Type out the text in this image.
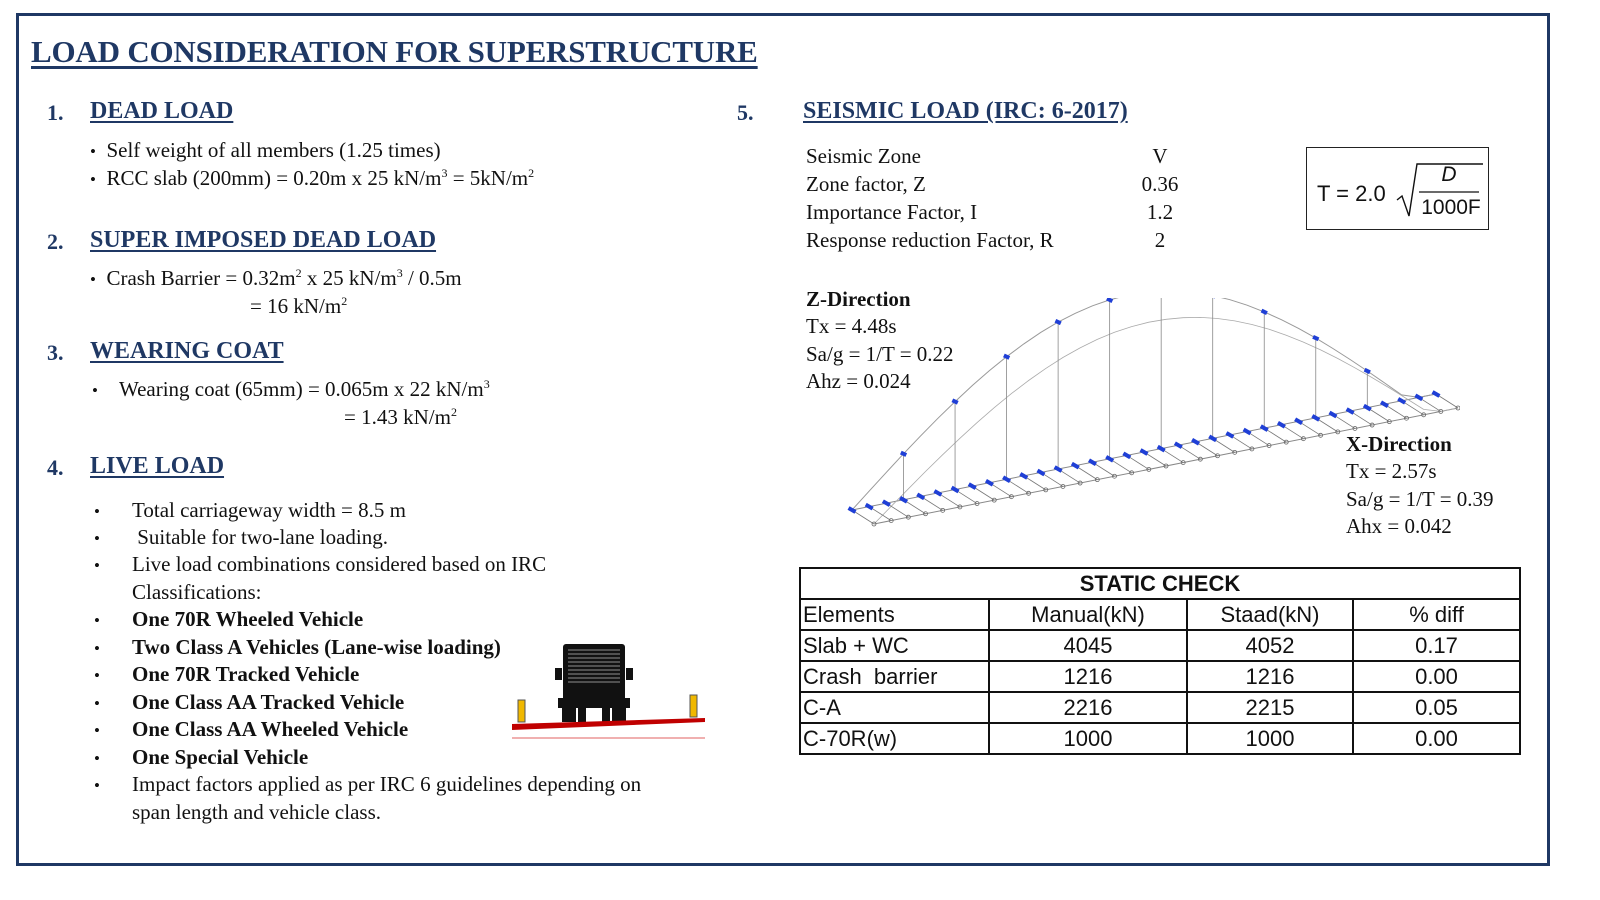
LOAD CONSIDERATION FOR SUPERSTRUCTURE
1. DEAD LOAD
• Self weight of all members (1.25 times)
• RCC slab (200mm) = 0.20m x 25 $kN/m^3 = 5kN/m^2$
2. SUPER IMPOSED DEAD LOAD
• Crash Barrier = $0.32m^2$ x 25 $kN/m^3 / 0.5m$
= 16 $kN/m^2$
3. WEARING COAT
• Wearing coat (65mm) = 0.065m x 22 $kN/m^3$
= 1.43 $kN/m^2$
4. LIVE LOAD
• Total carriageway width = 8.5 m
• Suitable for two-lane loading.
• Live load combinations considered based on IRC
Classifications:
• One 70R Wheeled Vehicle
• Two Class A Vehicles (Lane-wise loading)
• One 70R Tracked Vehicle
• One Class AA Tracked Vehicle
• One Class AA Wheeled Vehicle
• One Special Vehicle
• Impact factors applied as per IRC 6 guidelines depending on
span length and vehicle class.
5. SEISMIC LOAD (IRC: 6-2017)
Seismic Zone	V
Zone factor, Z	0.36
Importance Factor, I	1.2
Response reduction Factor, R	2
T = 2.0
D
1000F
Z-Direction
Tx = 4.48s
Sa/g = 1/T = 0.22
Ahz = 0.024
X-Direction
Tx = 2.57s
Sa/g = 1/T = 0.39
Ahx = 0.042
STATIC CHECK			
Elements	Manual(kN)	Staad(kN)	% diff
Slab + WC	4045	4052	0.17
Crash  barrier	1216	1216	0.00
C-A	2216	2215	0.05
C-70R(w)	1000	1000	0.00
